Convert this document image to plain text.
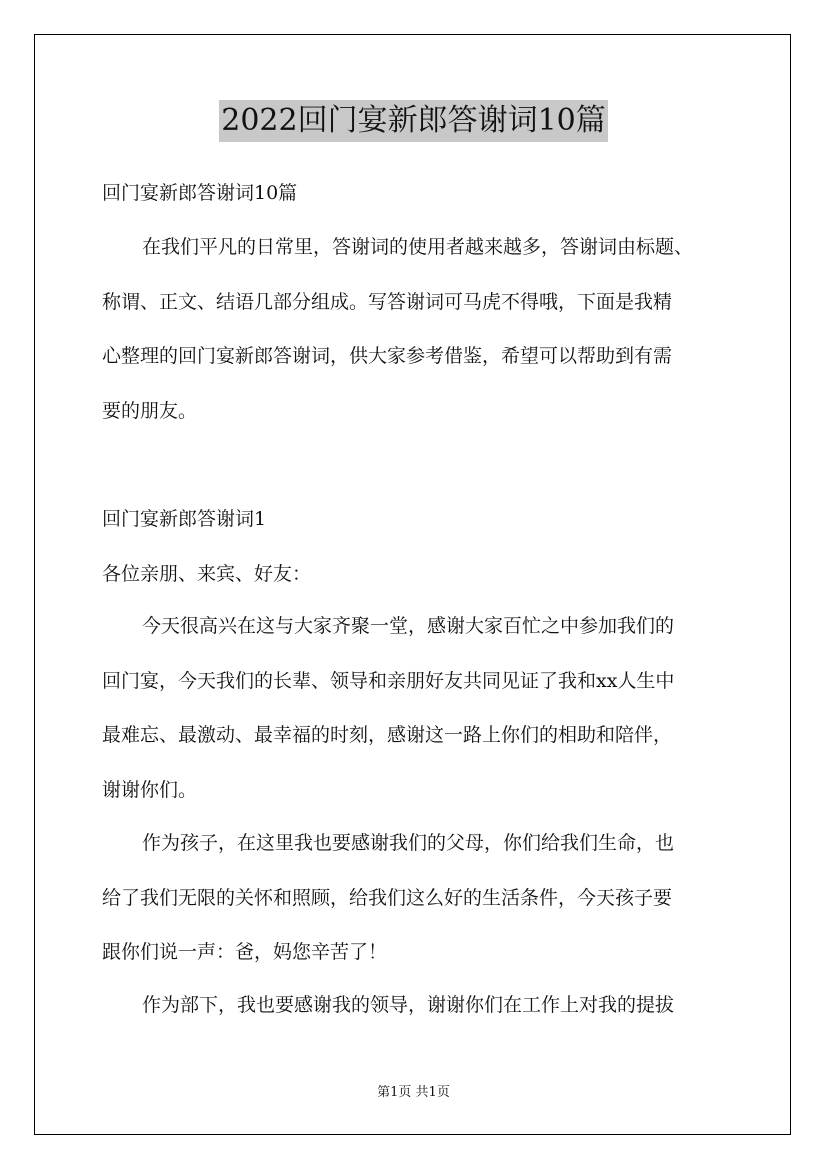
2022回门宴新郎答谢词10篇

回门宴新郎答谢词10篇

在我们平凡的日常里，答谢词的使用者越来越多，答谢词由标题、
称谓、正文、结语几部分组成。写答谢词可马虎不得哦，下面是我精
心整理的回门宴新郎答谢词，供大家参考借鉴，希望可以帮助到有需
要的朋友。

回门宴新郎答谢词1

各位亲朋、来宾、好友：

今天很高兴在这与大家齐聚一堂，感谢大家百忙之中参加我们的
回门宴，今天我们的长辈、领导和亲朋好友共同见证了我和xx人生中
最难忘、最激动、最幸福的时刻，感谢这一路上你们的相助和陪伴，
谢谢你们。
作为孩子，在这里我也要感谢我们的父母，你们给我们生命，也
给了我们无限的关怀和照顾，给我们这么好的生活条件，今天孩子要
跟你们说一声：爸，妈您辛苦了！
作为部下，我也要感谢我的领导，谢谢你们在工作上对我的提拔
第1页 共1页
